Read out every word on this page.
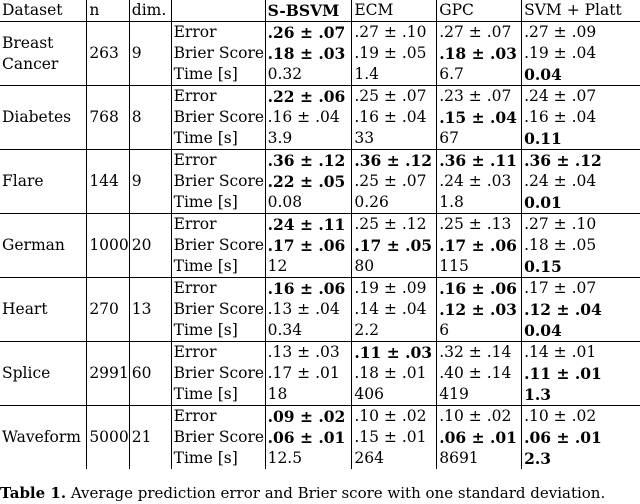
Dataset	n	dim.		S-BSVM	ECM	GPC	SVM + Platt

Breast
Cancer	263	9	Error	.26 ± .07	.27 ± .10	.27 ± .07	.27 ± .09
			Brier Score	.18 ± .03	.19 ± .05	.18 ± .03	.19 ± .04
			Time [s]	0.32	1.4	6.7	0.04

Diabetes	768	8	Error	.22 ± .06	.25 ± .07	.23 ± .07	.24 ± .07
			Brier Score	.16 ± .04	.16 ± .04	.15 ± .04	.16 ± .04
			Time [s]	3.9	33	67	0.11

Flare	144	9	Error	.36 ± .12	.36 ± .12	.36 ± .11	.36 ± .12
			Brier Score	.22 ± .05	.25 ± .07	.24 ± .03	.24 ± .04
			Time [s]	0.08	0.26	1.8	0.01

German	1000	20	Error	.24 ± .11	.25 ± .12	.25 ± .13	.27 ± .10
			Brier Score	.17 ± .06	.17 ± .05	.17 ± .06	.18 ± .05
			Time [s]	12	80	115	0.15

Heart	270	13	Error	.16 ± .06	.19 ± .09	.16 ± .06	.17 ± .07
			Brier Score	.13 ± .04	.14 ± .04	.12 ± .03	.12 ± .04
			Time [s]	0.34	2.2	6	0.04

Splice	2991	60	Error	.13 ± .03	.11 ± .03	.32 ± .14	.14 ± .01
			Brier Score	.17 ± .01	.18 ± .01	.40 ± .14	.11 ± .01
			Time [s]	18	406	419	1.3

Waveform	5000	21	Error	.09 ± .02	.10 ± .02	.10 ± .02	.10 ± .02
			Brier Score	.06 ± .01	.15 ± .01	.06 ± .01	.06 ± .01
			Time [s]	12.5	264	8691	2.3
Table 1. Average prediction error and Brier score with one standard deviation.
